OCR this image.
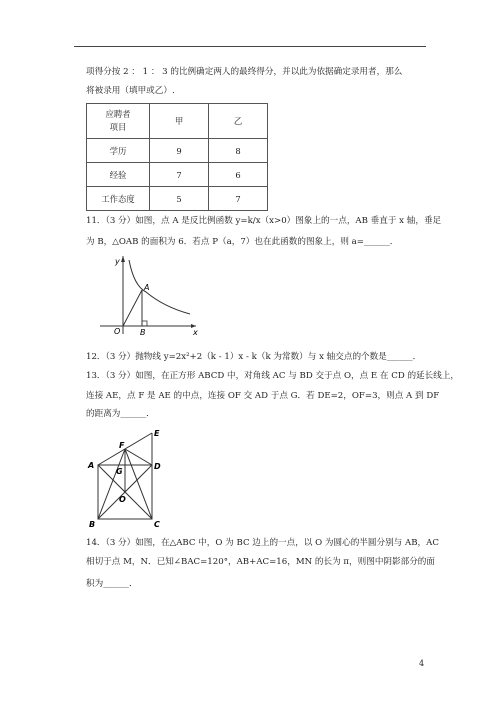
项得分按 2 ： 1 ： 3 的比例确定两人的最终得分，并以此为依据确定录用者，那么
将被录用（填甲或乙）.
应聘者
项目	甲	乙
学历	9	8
经验	7	6
工作态度	5	7
11．（3 分）如图，点 A 是反比例函数 y=k/x（x>0）图象上的一点，AB 垂直于 x 轴，垂足
为 B，△OAB 的面积为 6．若点 P（a，7）也在此函数的图象上，则 a=______．
y
x
O
A
B
12．（3 分）抛物线 y=2x²+2（k - 1）x - k（k 为常数）与 x 轴交点的个数是______．
13．（3 分）如图，在正方形 ABCD 中，对角线 AC 与 BD 交于点 O，点 E 在 CD 的延长线上，
连接 AE，点 F 是 AE 的中点，连接 OF 交 AD 于点 G．若 DE=2，OF=3，则点 A 到 DF
的距离为______．
A
B	C
D
E
F
G
O
14．（3 分）如图，在△ABC 中，O 为 BC 边上的一点，以 O 为圆心的半圆分别与 AB，AC
相切于点 M，N．已知∠BAC=120°，AB+AC=16，MN 的长为 π，则图中阴影部分的面
积为______．
4
